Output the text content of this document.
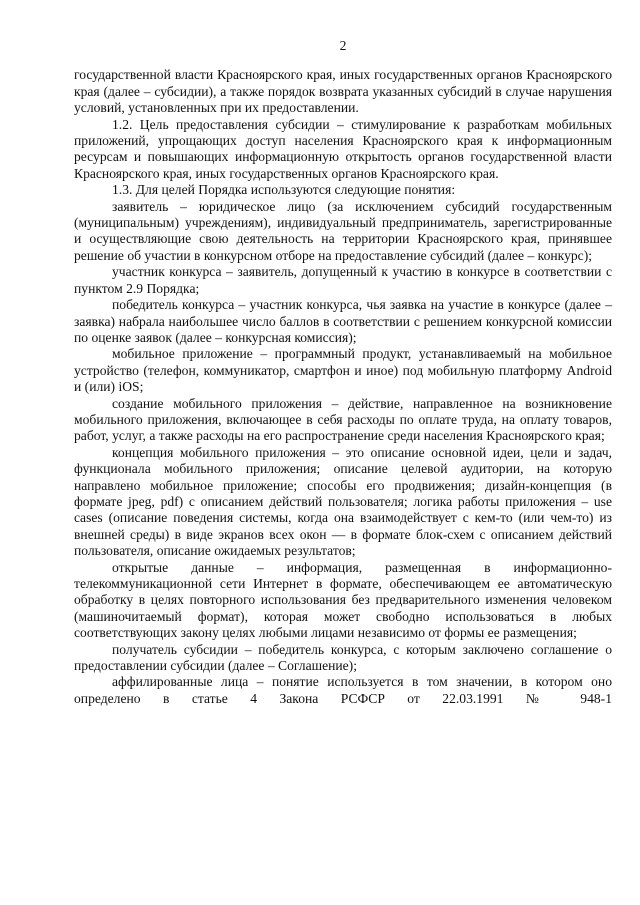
2

государственной власти Красноярского края, иных государственных органов Красноярского края (далее – субсидии), а также порядок возврата указанных субсидий в случае нарушения условий, установленных при их предоставлении.

1.2. Цель предоставления субсидии – стимулирование к разработкам мобильных приложений, упрощающих доступ населения Красноярского края к информационным ресурсам и повышающих информационную открытость органов государственной власти Красноярского края, иных государственных органов Красноярского края.

1.3. Для целей Порядка используются следующие понятия:

заявитель – юридическое лицо (за исключением субсидий государственным (муниципальным) учреждениям), индивидуальный предприниматель, зарегистрированные и осуществляющие свою деятельность на территории Красноярского края, принявшее решение об участии в конкурсном отборе на предоставление субсидий (далее – конкурс);

участник конкурса – заявитель, допущенный к участию в конкурсе в соответствии с пунктом 2.9 Порядка;

победитель конкурса – участник конкурса, чья заявка на участие в конкурсе (далее – заявка) набрала наибольшее число баллов в соответствии с решением конкурсной комиссии по оценке заявок (далее – конкурсная комиссия);

мобильное приложение – программный продукт, устанавливаемый на мобильное устройство (телефон, коммуникатор, смартфон и иное) под мобильную платформу Android и (или) iOS;

создание мобильного приложения – действие, направленное на возникновение мобильного приложения, включающее в себя расходы по оплате труда, на оплату товаров, работ, услуг, а также расходы на его распространение среди населения Красноярского края;

концепция мобильного приложения – это описание основной идеи, цели и задач, функционала мобильного приложения; описание целевой аудитории, на которую направлено мобильное приложение; способы его продвижения; дизайн-концепция (в формате jpeg, pdf) с описанием действий пользователя; логика работы приложения – use cases (описание поведения системы, когда она взаимодействует с кем-то (или чем-то) из внешней среды) в виде экранов всех окон — в формате блок-схем с описанием действий пользователя, описание ожидаемых результатов;

открытые данные – информация, размещенная в информационно-телекоммуникационной сети Интернет в формате, обеспечивающем ее автоматическую обработку в целях повторного использования без предварительного изменения человеком (машиночитаемый формат), которая может свободно использоваться в любых соответствующих закону целях любыми лицами независимо от формы ее размещения;

получатель субсидии – победитель конкурса, с которым заключено соглашение о предоставлении субсидии (далее – Соглашение);

аффилированные лица – понятие используется в том значении, в котором оно определено в статье 4 Закона РСФСР от 22.03.1991 № 948-1
